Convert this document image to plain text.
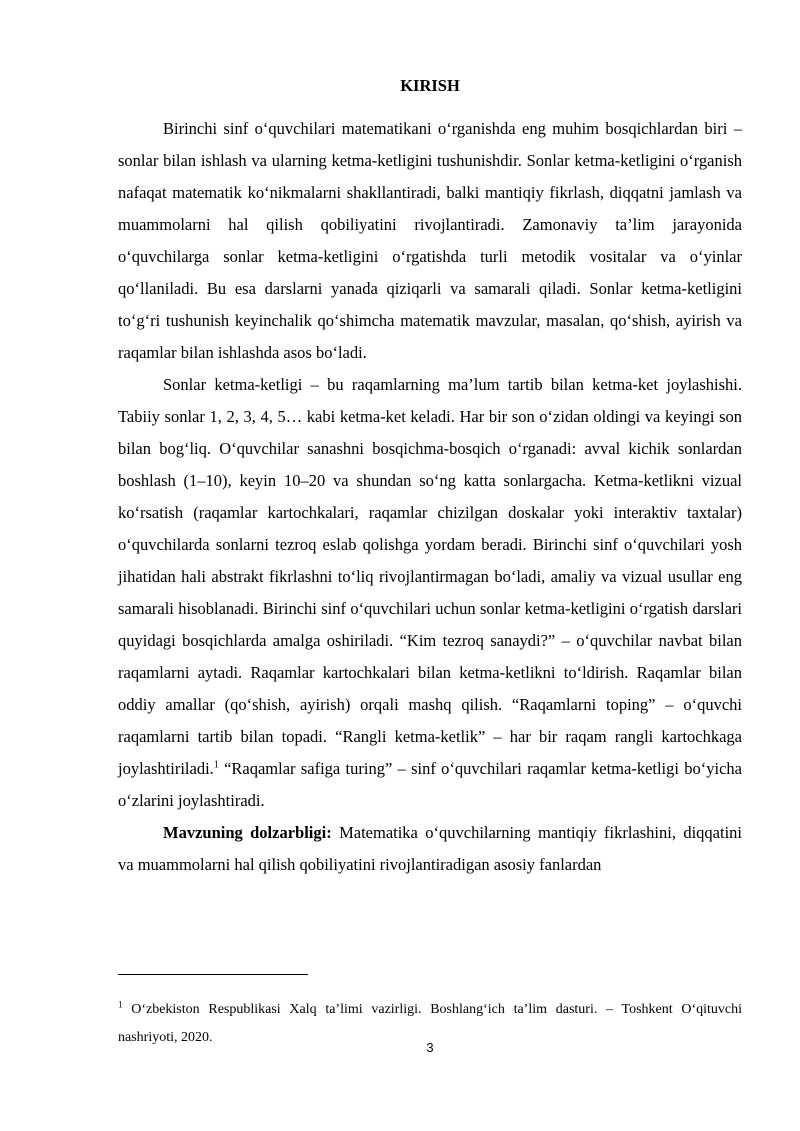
KIRISH

Birinchi sinf o‘quvchilari matematikani o‘rganishda eng muhim bosqichlardan biri – sonlar bilan ishlash va ularning ketma-ketligini tushunishdir. Sonlar ketma-ketligini o‘rganish nafaqat matematik ko‘nikmalarni shakllantiradi, balki mantiqiy fikrlash, diqqatni jamlash va muammolarni hal qilish qobiliyatini rivojlantiradi. Zamonaviy ta’lim jarayonida o‘quvchilarga sonlar ketma-ketligini o‘rgatishda turli metodik vositalar va o‘yinlar qo‘llaniladi. Bu esa darslarni yanada qiziqarli va samarali qiladi. Sonlar ketma-ketligini to‘g‘ri tushunish keyinchalik qo‘shimcha matematik mavzular, masalan, qo‘shish, ayirish va raqamlar bilan ishlashda asos bo‘ladi.

Sonlar ketma-ketligi – bu raqamlarning ma’lum tartib bilan ketma-ket joylashishi. Tabiiy sonlar 1, 2, 3, 4, 5… kabi ketma-ket keladi. Har bir son o‘zidan oldingi va keyingi son bilan bog‘liq. O‘quvchilar sanashni bosqichma-bosqich o‘rganadi: avval kichik sonlardan boshlash (1–10), keyin 10–20 va shundan so‘ng katta sonlargacha. Ketma-ketlikni vizual ko‘rsatish (raqamlar kartochkalari, raqamlar chizilgan doskalar yoki interaktiv taxtalar) o‘quvchilarda sonlarni tezroq eslab qolishga yordam beradi. Birinchi sinf o‘quvchilari yosh jihatidan hali abstrakt fikrlashni to‘liq rivojlantirmagan bo‘ladi, amaliy va vizual usullar eng samarali hisoblanadi. Birinchi sinf o‘quvchilari uchun sonlar ketma-ketligini o‘rgatish darslari quyidagi bosqichlarda amalga oshiriladi. “Kim tezroq sanaydi?” – o‘quvchilar navbat bilan raqamlarni aytadi. Raqamlar kartochkalari bilan ketma-ketlikni to‘ldirish. Raqamlar bilan oddiy amallar (qo‘shish, ayirish) orqali mashq qilish. “Raqamlarni toping” – o‘quvchi raqamlarni tartib bilan topadi. “Rangli ketma-ketlik” – har bir raqam rangli kartochkaga joylashtiriladi.$^1$ “Raqamlar safiga turing” – sinf o‘quvchilari raqamlar ketma-ketligi bo‘yicha o‘zlarini joylashtiradi.

Mavzuning dolzarbligi: Matematika o‘quvchilarning mantiqiy fikrlashini, diqqatini va muammolarni hal qilish qobiliyatini rivojlantiradigan asosiy fanlardan

$^1$ O‘zbekiston Respublikasi Xalq ta’limi vazirligi. Boshlang‘ich ta’lim dasturi. – Toshkent O‘qituvchi nashriyoti, 2020.

3
